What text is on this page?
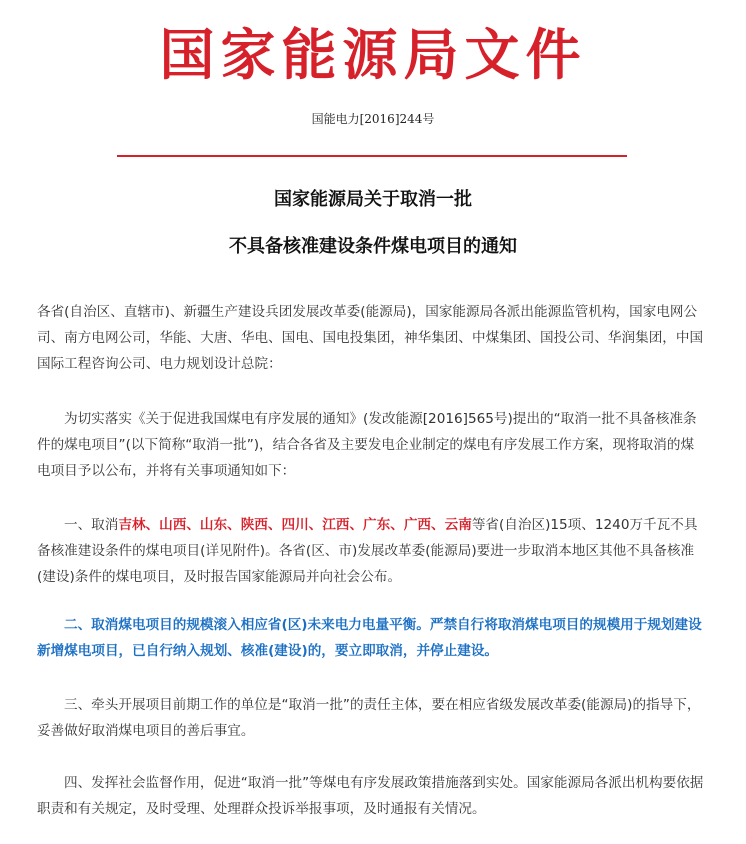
国家能源局文件
国能电力[2016]244号
国家能源局关于取消一批
不具备核准建设条件煤电项目的通知
各省(自治区、直辖市)、新疆生产建设兵团发展改革委(能源局)，国家能源局各派出能源监管机构，国家电网公司、南方电网公司，华能、大唐、华电、国电、国电投集团，神华集团、中煤集团、国投公司、华润集团，中国国际工程咨询公司、电力规划设计总院：
为切实落实《关于促进我国煤电有序发展的通知》(发改能源[2016]565号)提出的“取消一批不具备核准条件的煤电项目”(以下简称“取消一批”)，结合各省及主要发电企业制定的煤电有序发展工作方案，现将取消的煤电项目予以公布，并将有关事项通知如下：
一、取消吉林、山西、山东、陕西、四川、江西、广东、广西、云南等省(自治区)15项、1240万千瓦不具备核准建设条件的煤电项目(详见附件)。各省(区、市)发展改革委(能源局)要进一步取消本地区其他不具备核准(建设)条件的煤电项目，及时报告国家能源局并向社会公布。
二、取消煤电项目的规模滚入相应省(区)未来电力电量平衡。严禁自行将取消煤电项目的规模用于规划建设新增煤电项目，已自行纳入规划、核准(建设)的，要立即取消，并停止建设。
三、牵头开展项目前期工作的单位是“取消一批”的责任主体，要在相应省级发展改革委(能源局)的指导下，妥善做好取消煤电项目的善后事宜。
四、发挥社会监督作用，促进“取消一批”等煤电有序发展政策措施落到实处。国家能源局各派出机构要依据职责和有关规定，及时受理、处理群众投诉举报事项，及时通报有关情况。
